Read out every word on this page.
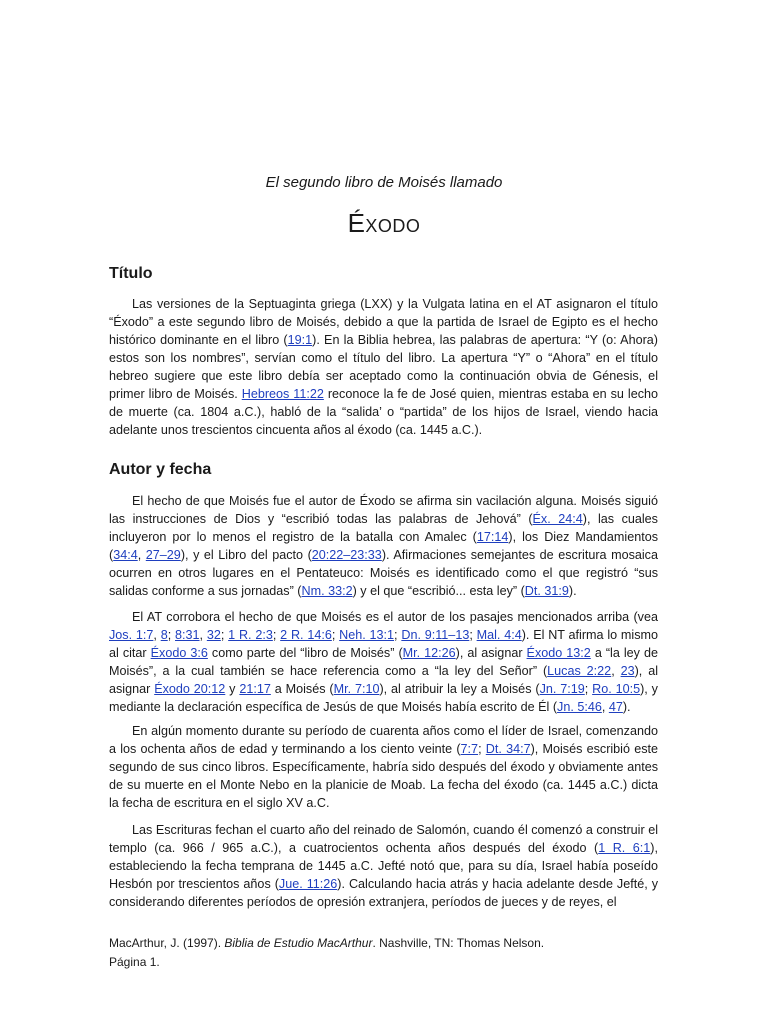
El segundo libro de Moisés llamado
Éxodo
Título

Las versiones de la Septuaginta griega (LXX) y la Vulgata latina en el AT asignaron el título “Éxodo” a este segundo libro de Moisés, debido a que la partida de Israel de Egipto es el hecho histórico dominante en el libro (19:1). En la Biblia hebrea, las palabras de apertura: “Y (o: Ahora) estos son los nombres”, servían como el título del libro. La apertura “Y” o “Ahora” en el título hebreo sugiere que este libro debía ser aceptado como la continuación obvia de Génesis, el primer libro de Moisés. Hebreos 11:22 reconoce la fe de José quien, mientras estaba en su lecho de muerte (ca. 1804 a.C.), habló de la “salida’ o “partida” de los hijos de Israel, viendo hacia adelante unos trescientos cincuenta años al éxodo (ca. 1445 a.C.).

Autor y fecha

El hecho de que Moisés fue el autor de Éxodo se afirma sin vacilación alguna. Moisés siguió las instrucciones de Dios y “escribió todas las palabras de Jehová” (Éx. 24:4), las cuales incluyeron por lo menos el registro de la batalla con Amalec (17:14), los Diez Mandamientos (34:4, 27–29), y el Libro del pacto (20:22–23:33). Afirmaciones semejantes de escritura mosaica ocurren en otros lugares en el Pentateuco: Moisés es identificado como el que registró “sus salidas conforme a sus jornadas” (Nm. 33:2) y el que “escribió... esta ley” (Dt. 31:9).

El AT corrobora el hecho de que Moisés es el autor de los pasajes mencionados arriba (vea Jos. 1:7, 8; 8:31, 32; 1 R. 2:3; 2 R. 14:6; Neh. 13:1; Dn. 9:11–13; Mal. 4:4). El NT afirma lo mismo al citar Éxodo 3:6 como parte del “libro de Moisés” (Mr. 12:26), al asignar Éxodo 13:2 a “la ley de Moisés”, a la cual también se hace referencia como a “la ley del Señor” (Lucas 2:22, 23), al asignar Éxodo 20:12 y 21:17 a Moisés (Mr. 7:10), al atribuir la ley a Moisés (Jn. 7:19; Ro. 10:5), y mediante la declaración específica de Jesús de que Moisés había escrito de Él (Jn. 5:46, 47).

En algún momento durante su período de cuarenta años como el líder de Israel, comenzando a los ochenta años de edad y terminando a los ciento veinte (7:7; Dt. 34:7), Moisés escribió este segundo de sus cinco libros. Específicamente, habría sido después del éxodo y obviamente antes de su muerte en el Monte Nebo en la planicie de Moab. La fecha del éxodo (ca. 1445 a.C.) dicta la fecha de escritura en el siglo XV a.C.

Las Escrituras fechan el cuarto año del reinado de Salomón, cuando él comenzó a construir el templo (ca. 966 / 965 a.C.), a cuatrocientos ochenta años después del éxodo (1 R. 6:1), estableciendo la fecha temprana de 1445 a.C. Jefté notó que, para su día, Israel había poseído Hesbón por trescientos años (Jue. 11:26). Calculando hacia atrás y hacia adelante desde Jefté, y considerando diferentes períodos de opresión extranjera, períodos de jueces y de reyes, el

MacArthur, J. (1997). Biblia de Estudio MacArthur. Nashville, TN: Thomas Nelson.
Página 1.
